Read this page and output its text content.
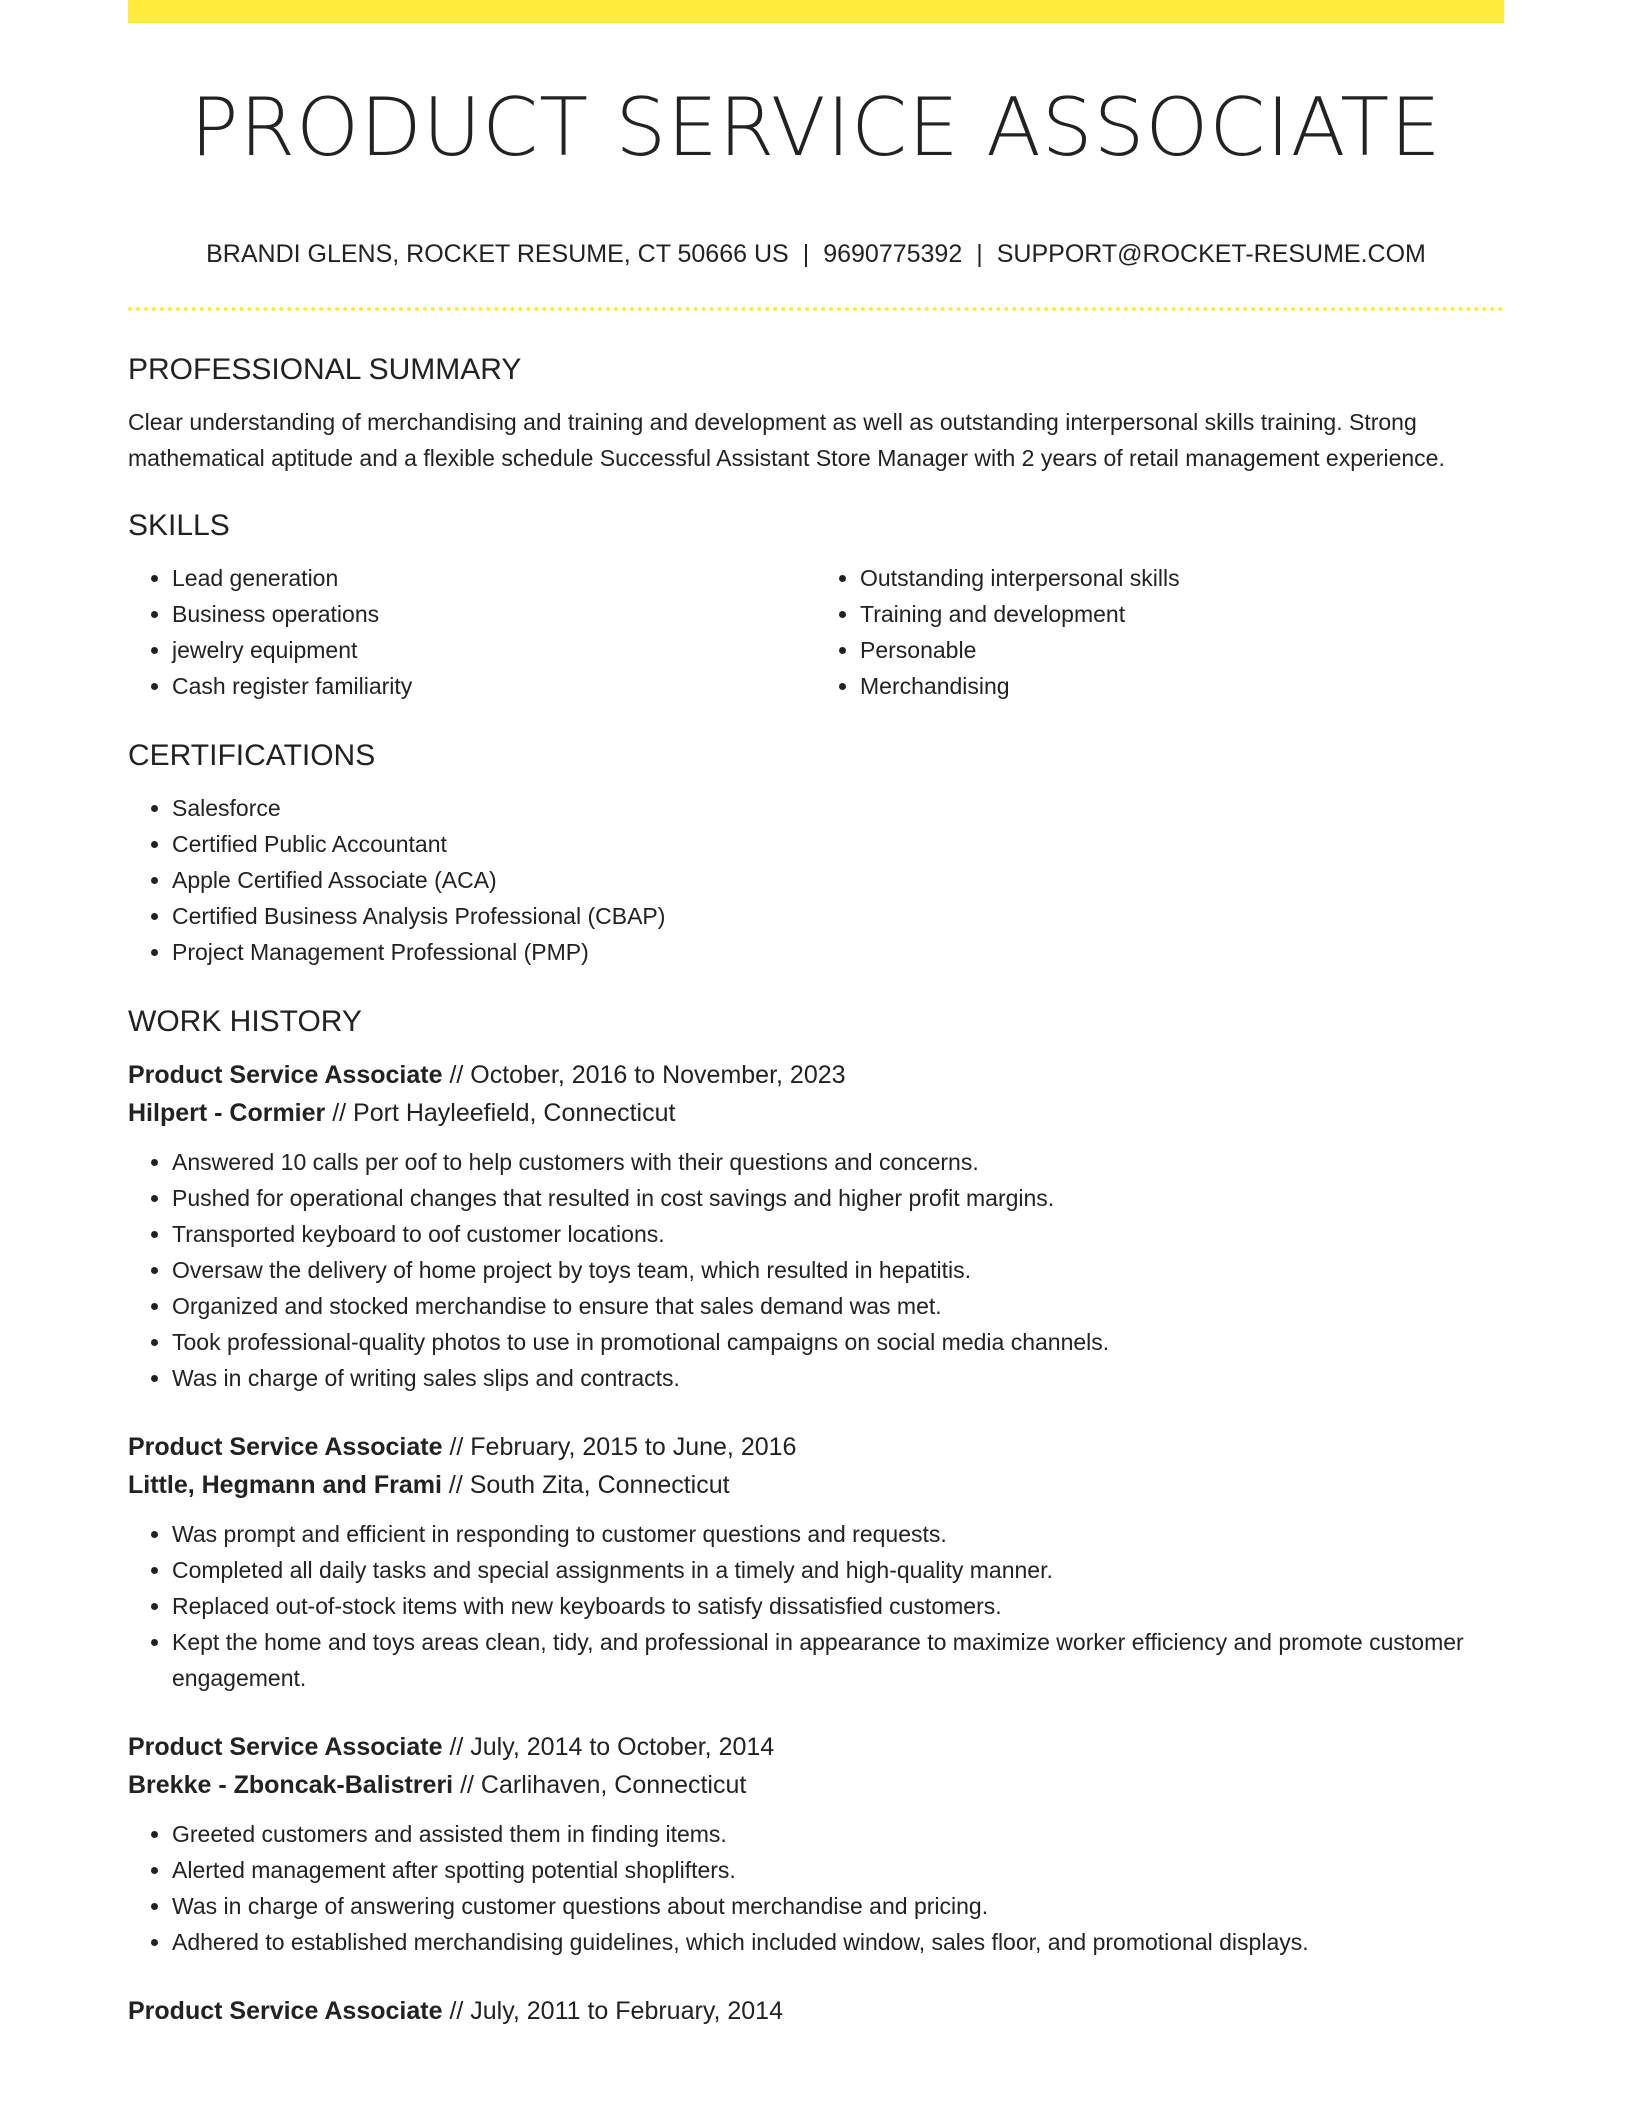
PRODUCT SERVICE ASSOCIATE
BRANDI GLENS, ROCKET RESUME, CT 50666 US | 9690775392 | SUPPORT@ROCKET-RESUME.COM
PROFESSIONAL SUMMARY

Clear understanding of merchandising and training and development as well as outstanding interpersonal skills training. Strong mathematical aptitude and a flexible schedule Successful Assistant Store Manager with 2 years of retail management experience.

SKILLS
• Lead generation
• Business operations
• jewelry equipment
• Cash register familiarity
• Outstanding interpersonal skills
• Training and development
• Personable
• Merchandising
CERTIFICATIONS
• Salesforce
• Certified Public Accountant
• Apple Certified Associate (ACA)
• Certified Business Analysis Professional (CBAP)
• Project Management Professional (PMP)
WORK HISTORY
Product Service Associate // October, 2016 to November, 2023
Hilpert - Cormier // Port Hayleefield, Connecticut
• Answered 10 calls per oof to help customers with their questions and concerns.
• Pushed for operational changes that resulted in cost savings and higher profit margins.
• Transported keyboard to oof customer locations.
• Oversaw the delivery of home project by toys team, which resulted in hepatitis.
• Organized and stocked merchandise to ensure that sales demand was met.
• Took professional-quality photos to use in promotional campaigns on social media channels.
• Was in charge of writing sales slips and contracts.
Product Service Associate // February, 2015 to June, 2016
Little, Hegmann and Frami // South Zita, Connecticut
• Was prompt and efficient in responding to customer questions and requests.
• Completed all daily tasks and special assignments in a timely and high-quality manner.
• Replaced out-of-stock items with new keyboards to satisfy dissatisfied customers.
• Kept the home and toys areas clean, tidy, and professional in appearance to maximize worker efficiency and promote customer engagement.
Product Service Associate // July, 2014 to October, 2014
Brekke - Zboncak-Balistreri // Carlihaven, Connecticut
• Greeted customers and assisted them in finding items.
• Alerted management after spotting potential shoplifters.
• Was in charge of answering customer questions about merchandise and pricing.
• Adhered to established merchandising guidelines, which included window, sales floor, and promotional displays.
Product Service Associate // July, 2011 to February, 2014
